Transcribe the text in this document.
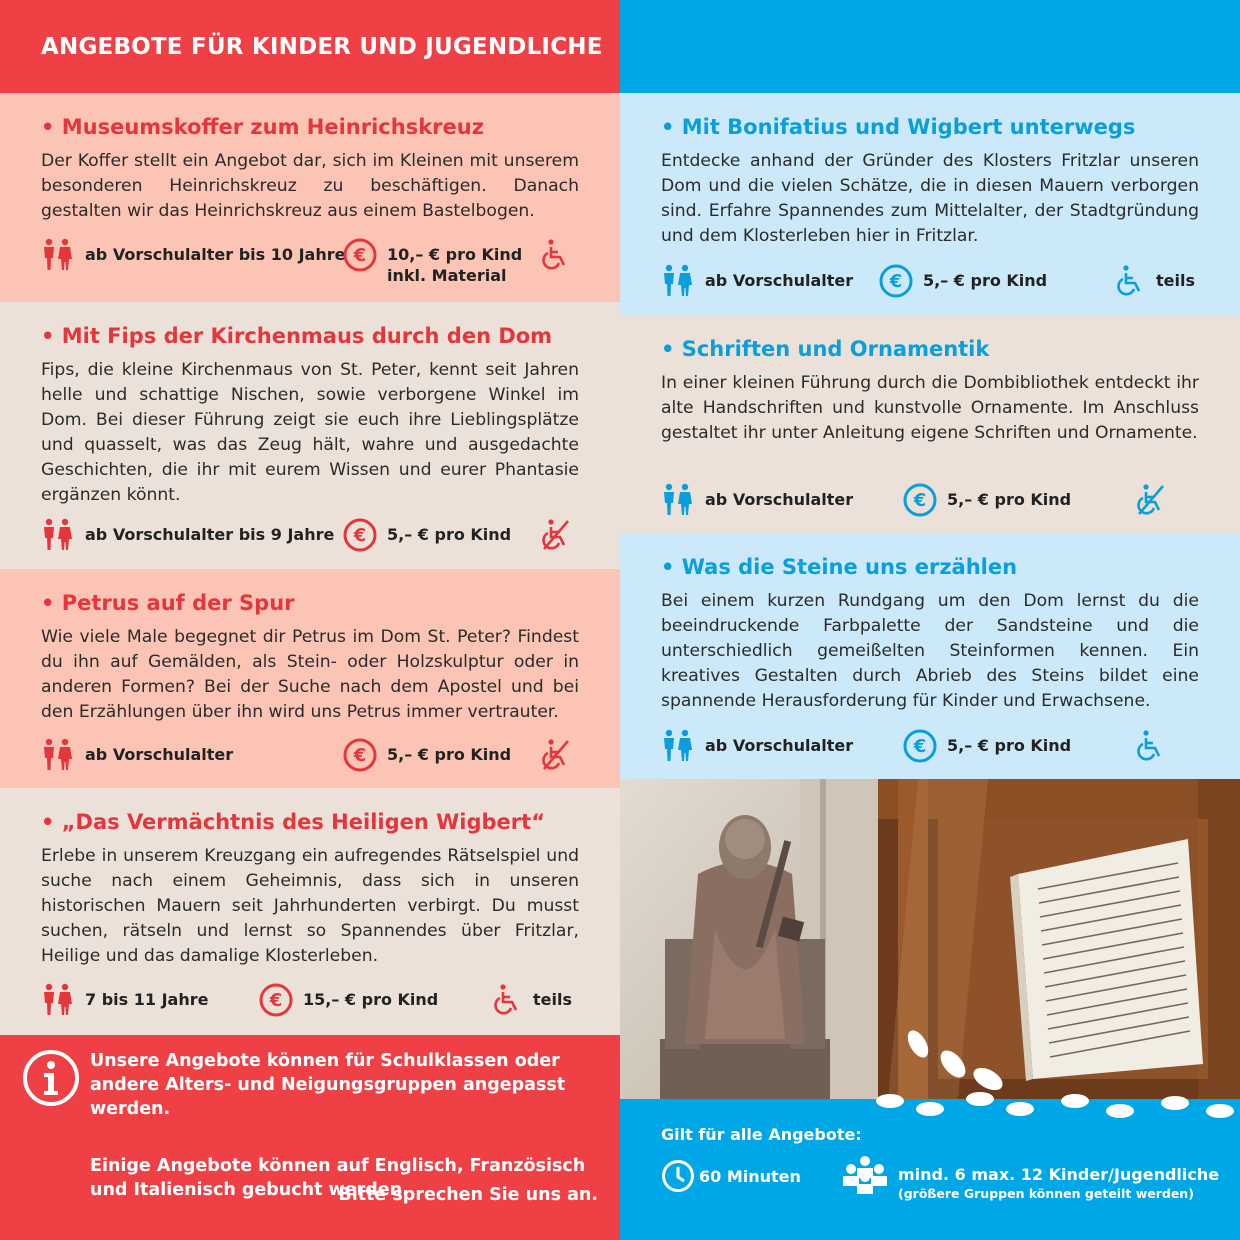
ANGEBOTE FÜR KINDER UND JUGENDLICHE
• Museumskoffer zum Heinrichskreuz

Der Koffer stellt ein Angebot dar, sich im Kleinen mit unserem besonderen Heinrichskreuz zu beschäftigen. Danach gestalten wir das Heinrichskreuz aus einem Bastelbogen.

ab Vorschulalter bis 10 Jahre € 10,– € pro Kind
inkl. Material
• Mit Fips der Kirchenmaus durch den Dom

Fips, die kleine Kirchenmaus von St. Peter, kennt seit Jahren helle und schattige Nischen, sowie verborgene Winkel im Dom. Bei dieser Führung zeigt sie euch ihre Lieblingsplätze und quasselt, was das Zeug hält, wahre und ausgedachte Geschichten, die ihr mit eurem Wissen und eurer Phantasie ergänzen könnt.

ab Vorschulalter bis 9 Jahre € 5,– € pro Kind
• Petrus auf der Spur

Wie viele Male begegnet dir Petrus im Dom St. Peter? Findest du ihn auf Gemälden, als Stein- oder Holzskulptur oder in anderen Formen? Bei der Suche nach dem Apostel und bei den Erzählungen über ihn wird uns Petrus immer vertrauter.

ab Vorschulalter	€ 5,– € pro Kind
• „Das Vermächtnis des Heiligen Wigbert“

Erlebe in unserem Kreuzgang ein aufregendes Rätselspiel und suche nach einem Geheimnis, dass sich in unseren historischen Mauern seit Jahrhunderten verbirgt. Du musst suchen, rätseln und lernst so Spannendes über Fritzlar, Heilige und das damalige Klosterleben.

7 bis 11 Jahre	€ 15,– € pro Kind	teils
Unsere Angebote können für Schulklassen oder andere Alters- und Neigungsgruppen angepasst werden.
Einige Angebote können auf Englisch, Französisch und Italienisch gebucht werden.
Bitte sprechen Sie uns an.
• Mit Bonifatius und Wigbert unterwegs

Entdecke anhand der Gründer des Klosters Fritzlar unseren Dom und die vielen Schätze, die in diesen Mauern verborgen sind. Erfahre Spannendes zum Mittelalter, der Stadtgründung und dem Klosterleben hier in Fritzlar.

ab Vorschulalter € 5,– € pro Kind	teils
• Schriften und Ornamentik

In einer kleinen Führung durch die Dombibliothek entdeckt ihr alte Handschriften und kunstvolle Ornamente. Im Anschluss gestaltet ihr unter Anleitung eigene Schriften und Ornamente.

ab Vorschulalter	€ 5,– € pro Kind
• Was die Steine uns erzählen

Bei einem kurzen Rundgang um den Dom lernst du die beeindruckende Farbpalette der Sandsteine und die unterschiedlich gemeißelten Steinformen kennen. Ein kreatives Gestalten durch Abrieb des Steins bildet eine spannende Herausforderung für Kinder und Erwachsene.

ab Vorschulalter	€ 5,– € pro Kind
Gilt für alle Angebote:
60 Minuten	mind. 6 max. 12 Kinder/Jugendliche
(größere Gruppen können geteilt werden)
